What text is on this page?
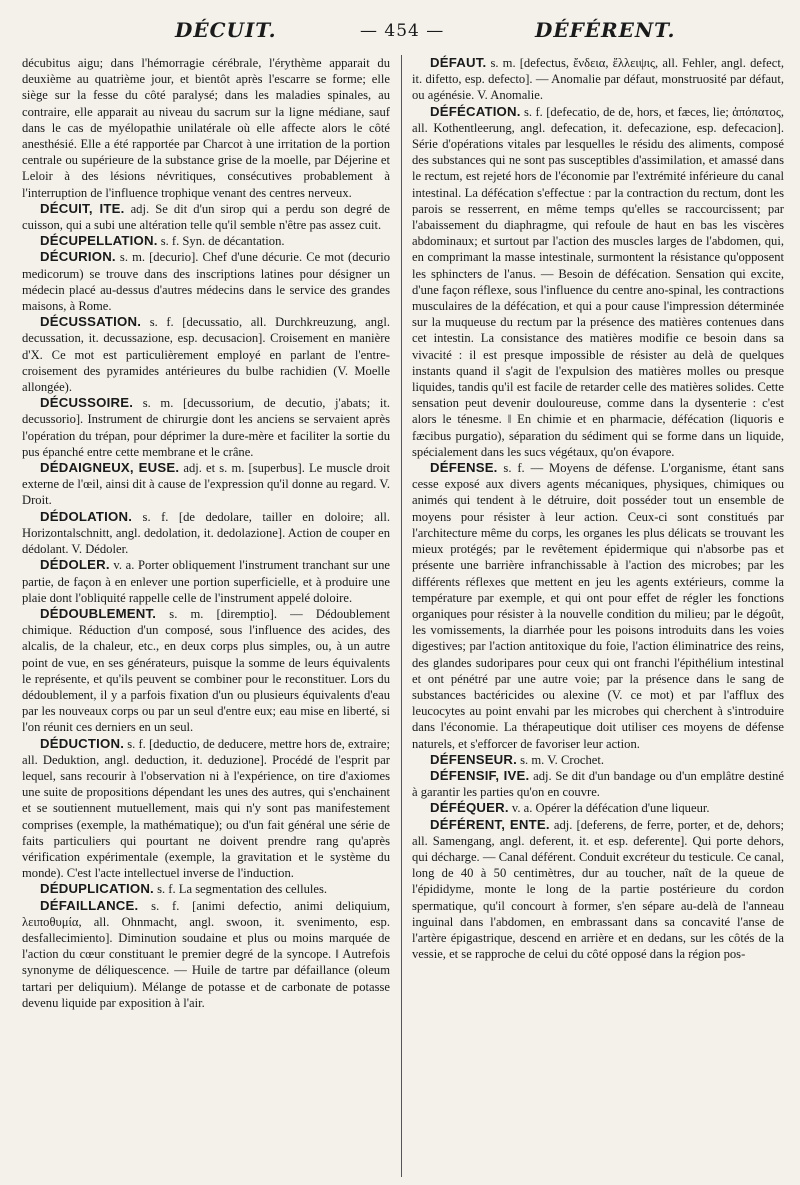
DÉCUIT.	— 454 —	DÉFÉRENT.

décubitus aigu; dans l'hémorragie cérébrale, l'érythème apparait du deuxième au quatrième jour, et bientôt après l'escarre se forme; elle siège sur la fesse du côté paralysé; dans les maladies spinales, au contraire, elle apparait au niveau du sacrum sur la ligne médiane, sauf dans le cas de myélopathie unilatérale où elle affecte alors le côté anesthésié. Elle a été rapportée par Charcot à une irritation de la portion centrale ou supérieure de la substance grise de la moelle, par Déjerine et Leloir à des lésions névritiques, consécutives probablement à l'interruption de l'influence trophique venant des centres nerveux.

DÉCUIT, ITE. adj. Se dit d'un sirop qui a perdu son degré de cuisson, qui a subi une altération telle qu'il semble n'être pas assez cuit.

DÉCUPELLATION. s. f. Syn. de décantation.

DÉCURION. s. m. [decurio]. Chef d'une décurie. Ce mot (decurio medicorum) se trouve dans des inscriptions latines pour désigner un médecin placé au-dessus d'autres médecins dans le service des grandes maisons, à Rome.

DÉCUSSATION. s. f. [decussatio, all. Durchkreuzung, angl. decussation, it. decussazione, esp. decusacion]. Croisement en manière d'X. Ce mot est particulièrement employé en parlant de l'entre-croisement des pyramides antérieures du bulbe rachidien (V. Moelle allongée).

DÉCUSSOIRE. s. m. [decussorium, de decutio, j'abats; it. decussorio]. Instrument de chirurgie dont les anciens se servaient après l'opération du trépan, pour déprimer la dure-mère et faciliter la sortie du pus épanché entre cette membrane et le crâne.

DÉDAIGNEUX, EUSE. adj. et s. m. [superbus]. Le muscle droit externe de l'œil, ainsi dit à cause de l'expression qu'il donne au regard. V. Droit.

DÉDOLATION. s. f. [de dedolare, tailler en doloire; all. Horizontalschnitt, angl. dedolation, it. dedolazione]. Action de couper en dédolant. V. Dédoler.

DÉDOLER. v. a. Porter obliquement l'instrument tranchant sur une partie, de façon à en enlever une portion superficielle, et à produire une plaie dont l'obliquité rappelle celle de l'instrument appelé doloire.

DÉDOUBLEMENT. s. m. [diremptio]. — Dédoublement chimique. Réduction d'un composé, sous l'influence des acides, des alcalis, de la chaleur, etc., en deux corps plus simples, ou, à un autre point de vue, en ses générateurs, puisque la somme de leurs équivalents le représente, et qu'ils peuvent se combiner pour le reconstituer. Lors du dédoublement, il y a parfois fixation d'un ou plusieurs équivalents d'eau par les nouveaux corps ou par un seul d'entre eux; eau mise en liberté, si l'on réunit ces derniers en un seul.

DÉDUCTION. s. f. [deductio, de deducere, mettre hors de, extraire; all. Deduktion, angl. deduction, it. deduzione]. Procédé de l'esprit par lequel, sans recourir à l'observation ni à l'expérience, on tire d'axiomes une suite de propositions dépendant les unes des autres, qui s'enchainent et se soutiennent mutuellement, mais qui n'y sont pas manifestement comprises (exemple, la mathématique); ou d'un fait général une série de faits particuliers qui pourtant ne doivent prendre rang qu'après vérification expérimentale (exemple, la gravitation et le système du monde). C'est l'acte intellectuel inverse de l'induction.

DÉDUPLICATION. s. f. La segmentation des cellules.

DÉFAILLANCE. s. f. [animi defectio, animi deliquium, λειποθυμία, all. Ohnmacht, angl. swoon, it. svenimento, esp. desfallecimiento]. Diminution soudaine et plus ou moins marquée de l'action du cœur constituant le premier degré de la syncope. ‖ Autrefois synonyme de déliquescence. — Huile de tartre par défaillance (oleum tartari per deliquium). Mélange de potasse et de carbonate de potasse devenu liquide par exposition à l'air.

DÉFAUT. s. m. [defectus, ἔνδεια, ἔλλειψις, all. Fehler, angl. defect, it. difetto, esp. defecto]. — Anomalie par défaut, monstruosité par défaut, ou agénésie. V. Anomalie.

DÉFÉCATION. s. f. [defecatio, de de, hors, et fæces, lie; ἀπόπατος, all. Kothentleerung, angl. defecation, it. defecazione, esp. defecacion]. Série d'opérations vitales par lesquelles le résidu des aliments, composé des substances qui ne sont pas susceptibles d'assimilation, et amassé dans le rectum, est rejeté hors de l'économie par l'extrémité inférieure du canal intestinal. La défécation s'effectue : par la contraction du rectum, dont les parois se resserrent, en même temps qu'elles se raccourcissent; par l'abaissement du diaphragme, qui refoule de haut en bas les viscères abdominaux; et surtout par l'action des muscles larges de l'abdomen, qui, en comprimant la masse intestinale, surmontent la résistance qu'opposent les sphincters de l'anus. — Besoin de défécation. Sensation qui excite, d'une façon réflexe, sous l'influence du centre ano-spinal, les contractions musculaires de la défécation, et qui a pour cause l'impression déterminée sur la muqueuse du rectum par la présence des matières contenues dans cet intestin. La consistance des matières modifie ce besoin dans sa vivacité : il est presque impossible de résister au delà de quelques instants quand il s'agit de l'expulsion des matières molles ou presque liquides, tandis qu'il est facile de retarder celle des matières solides. Cette sensation peut devenir douloureuse, comme dans la dysenterie : c'est alors le ténesme. ‖ En chimie et en pharmacie, défécation (liquoris e fæcibus purgatio), séparation du sédiment qui se forme dans un liquide, spécialement dans les sucs végétaux, qu'on évapore.

DÉFENSE. s. f. — Moyens de défense. L'organisme, étant sans cesse exposé aux divers agents mécaniques, physiques, chimiques ou animés qui tendent à le détruire, doit posséder tout un ensemble de moyens pour résister à leur action. Ceux-ci sont constitués par l'architecture même du corps, les organes les plus délicats se trouvant les mieux protégés; par le revêtement épidermique qui n'absorbe pas et présente une barrière infranchissable à l'action des microbes; par les différents réflexes que mettent en jeu les agents extérieurs, comme la température par exemple, et qui ont pour effet de régler les fonctions organiques pour résister à la nouvelle condition du milieu; par le dégoût, les vomissements, la diarrhée pour les poisons introduits dans les voies digestives; par l'action antitoxique du foie, l'action éliminatrice des reins, des glandes sudoripares pour ceux qui ont franchi l'épithélium intestinal et ont pénétré par une autre voie; par la présence dans le sang de substances bactéricides ou alexine (V. ce mot) et par l'afflux des leucocytes au point envahi par les microbes qui cherchent à s'introduire dans l'économie. La thérapeutique doit utiliser ces moyens de défense naturels, et s'efforcer de favoriser leur action.

DÉFENSEUR. s. m. V. Crochet.

DÉFENSIF, IVE. adj. Se dit d'un bandage ou d'un emplâtre destiné à garantir les parties qu'on en couvre.

DÉFÉQUER. v. a. Opérer la défécation d'une liqueur.

DÉFÉRENT, ENTE. adj. [deferens, de ferre, porter, et de, dehors; all. Samengang, angl. deferent, it. et esp. deferente]. Qui porte dehors, qui décharge. — Canal déférent. Conduit excréteur du testicule. Ce canal, long de 40 à 50 centimètres, dur au toucher, naît de la queue de l'épididyme, monte le long de la partie postérieure du cordon spermatique, qu'il concourt à former, s'en sépare au-delà de l'anneau inguinal dans l'abdomen, en embrassant dans sa concavité l'anse de l'artère épigastrique, descend en arrière et en dedans, sur les côtés de la vessie, et se rapproche de celui du côté opposé dans la région pos-
